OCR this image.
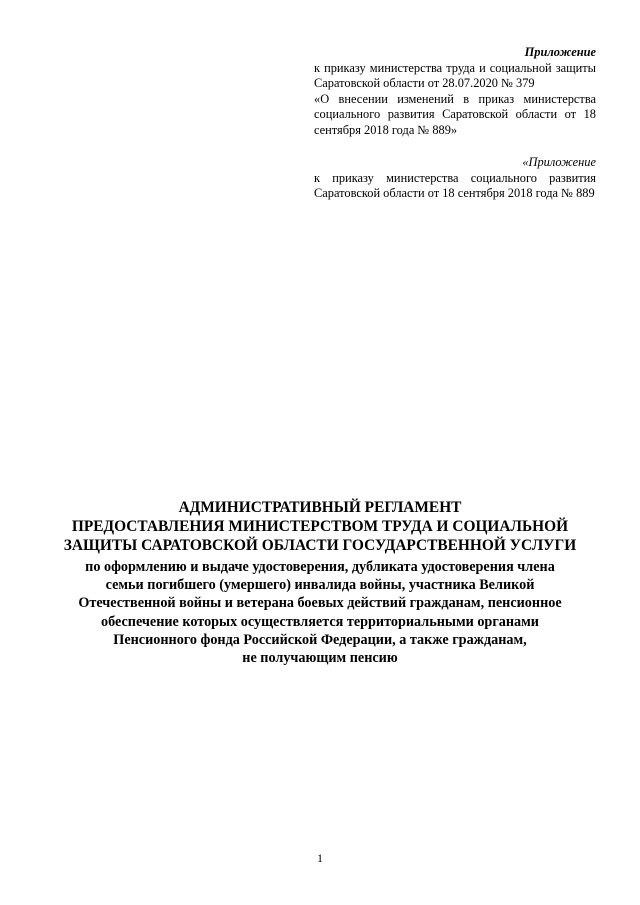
Приложение
к приказу министерства труда и социальной защиты Саратовской области от 28.07.2020 № 379
«О внесении изменений в приказ министерства социального развития Саратовской области от 18 сентября 2018 года № 889»
«Приложение
к приказу министерства социального развития Саратовской области от 18 сентября 2018 года № 889
АДМИНИСТРАТИВНЫЙ РЕГЛАМЕНТ
ПРЕДОСТАВЛЕНИЯ МИНИСТЕРСТВОМ ТРУДА И СОЦИАЛЬНОЙ
ЗАЩИТЫ САРАТОВСКОЙ ОБЛАСТИ ГОСУДАРСТВЕННОЙ УСЛУГИ
по оформлению и выдаче удостоверения, дубликата удостоверения члена
семьи погибшего (умершего) инвалида войны, участника Великой
Отечественной войны и ветерана боевых действий гражданам, пенсионное
обеспечение которых осуществляется территориальными органами
Пенсионного фонда Российской Федерации, а также гражданам,
не получающим пенсию
1
